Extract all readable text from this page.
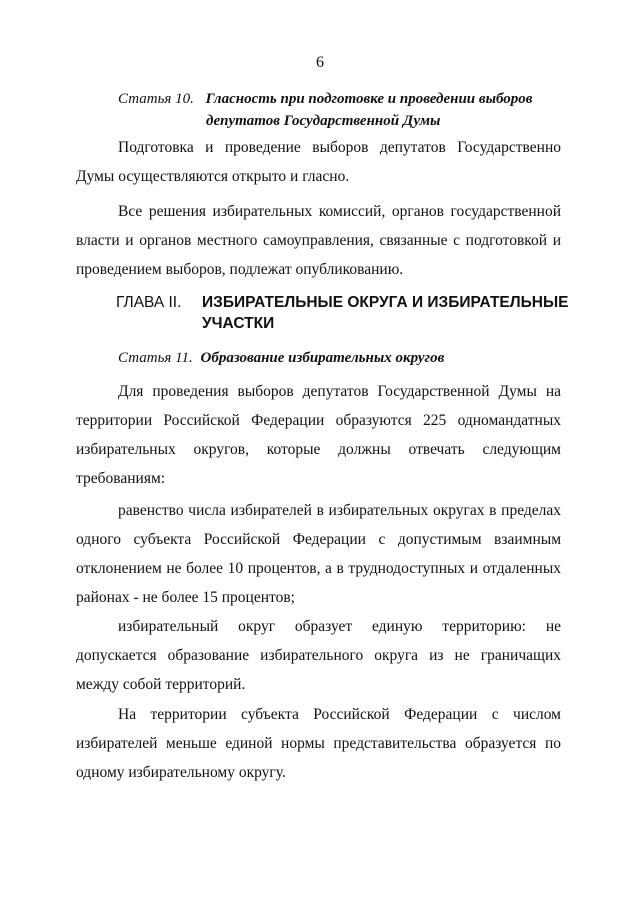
6
Статья 10. Гласность при подготовке и проведении выборов
депутатов Государственной Думы
Подготовка и проведение выборов депутатов Государственно Думы осуществляются открыто и гласно.
Все решения избирательных комиссий, органов государственной власти и органов местного самоуправления, связанные с подготовкой и проведением выборов, подлежат опубликованию.
ГЛАВА II. ИЗБИРАТЕЛЬНЫЕ ОКРУГА И ИЗБИРАТЕЛЬНЫЕ УЧАСТКИ
Статья 11. Образование избирательных округов
Для проведения выборов депутатов Государственной Думы на территории Российской Федерации образуются 225 одномандатных избирательных округов, которые должны отвечать следующим требованиям:
равенство числа избирателей в избирательных округах в пределах одного субъекта Российской Федерации с допустимым взаимным отклонением не более 10 процентов, а в труднодоступных и отдаленных районах - не более 15 процентов;
избирательный округ образует единую территорию: не допускается образование избирательного округа из не граничащих между собой территорий.
На территории субъекта Российской Федерации с числом избирателей меньше единой нормы представительства образуется по одному избирательному округу.
